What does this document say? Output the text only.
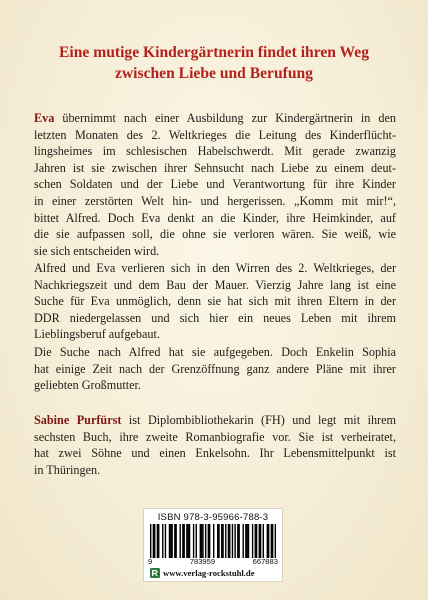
Eine mutige Kindergärtnerin findet ihren Weg
zwischen Liebe und Berufung
Eva übernimmt nach einer Ausbildung zur Kindergärtnerin in den
letzten Monaten des 2. Weltkrieges die Leitung des Kinderflücht-
lingsheimes im schlesischen Habelschwerdt. Mit gerade zwanzig
Jahren ist sie zwischen ihrer Sehnsucht nach Liebe zu einem deut-
schen Soldaten und der Liebe und Verantwortung für ihre Kinder
in einer zerstörten Welt hin- und hergerissen. „Komm mit mir!“,
bittet Alfred. Doch Eva denkt an die Kinder, ihre Heimkinder, auf
die sie aufpassen soll, die ohne sie verloren wären. Sie weiß, wie
sie sich entscheiden wird.
Alfred und Eva verlieren sich in den Wirren des 2. Weltkrieges, der
Nachkriegszeit und dem Bau der Mauer. Vierzig Jahre lang ist eine
Suche für Eva unmöglich, denn sie hat sich mit ihren Eltern in der
DDR niedergelassen und sich hier ein neues Leben mit ihrem
Lieblingsberuf aufgebaut.
Die Suche nach Alfred hat sie aufgegeben. Doch Enkelin Sophia
hat einige Zeit nach der Grenzöffnung ganz andere Pläne mit ihrer
geliebten Großmutter.
Sabine Purfürst ist Diplombibliothekarin (FH) und legt mit ihrem
sechsten Buch, ihre zweite Romanbiografie vor. Sie ist verheiratet,
hat zwei Söhne und einen Enkelsohn. Ihr Lebensmittelpunkt ist
in Thüringen.
ISBN 978-3-95966-788-3
9	783959	667883
www.verlag-rockstuhl.de
